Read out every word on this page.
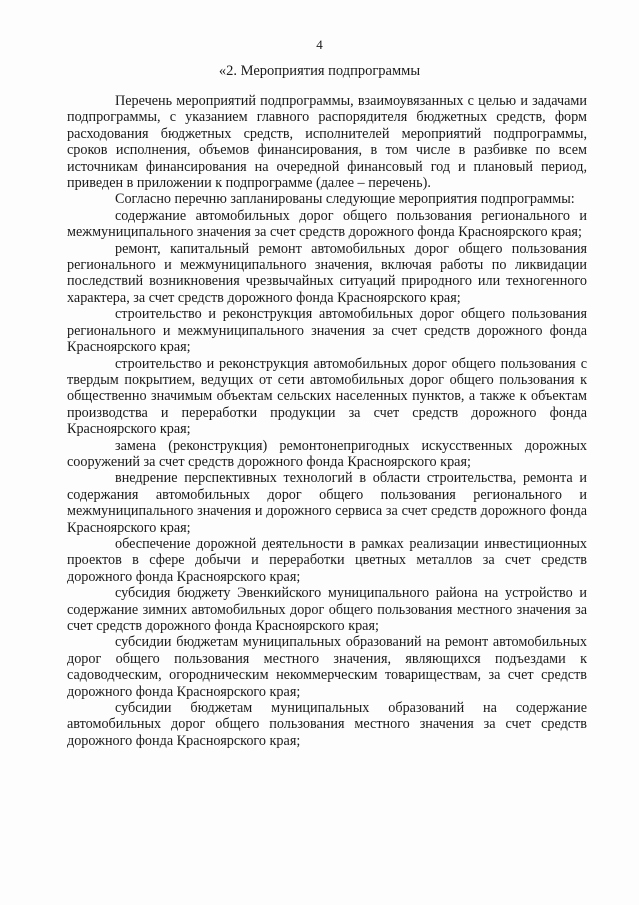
4
«2. Мероприятия подпрограммы

Перечень мероприятий подпрограммы, взаимоувязанных с целью и задачами подпрограммы, с указанием главного распорядителя бюджетных средств, форм расходования бюджетных средств, исполнителей мероприятий подпрограммы, сроков исполнения, объемов финансирования, в том числе в разбивке по всем источникам финансирования на очередной финансовый год и плановый период, приведен в приложении к подпрограмме (далее – перечень).

Согласно перечню запланированы следующие мероприятия подпрограммы:

содержание автомобильных дорог общего пользования регионального и межмуниципального значения за счет средств дорожного фонда Красноярского края;

ремонт, капитальный ремонт автомобильных дорог общего пользования регионального и межмуниципального значения, включая работы по ликвидации последствий возникновения чрезвычайных ситуаций природного или техногенного характера, за счет средств дорожного фонда Красноярского края;

строительство и реконструкция автомобильных дорог общего пользования регионального и межмуниципального значения за счет средств дорожного фонда Красноярского края;

строительство и реконструкция автомобильных дорог общего пользования с твердым покрытием, ведущих от сети автомобильных дорог общего пользования к общественно значимым объектам сельских населенных пунктов, а также к объектам производства и переработки продукции за счет средств дорожного фонда Красноярского края;

замена (реконструкция) ремонтонепригодных искусственных дорожных сооружений за счет средств дорожного фонда Красноярского края;

внедрение перспективных технологий в области строительства, ремонта и содержания автомобильных дорог общего пользования регионального и межмуниципального значения и дорожного сервиса за счет средств дорожного фонда Красноярского края;

обеспечение дорожной деятельности в рамках реализации инвестиционных проектов в сфере добычи и переработки цветных металлов за счет средств дорожного фонда Красноярского края;

субсидия бюджету Эвенкийского муниципального района на устройство и содержание зимних автомобильных дорог общего пользования местного значения за счет средств дорожного фонда Красноярского края;

субсидии бюджетам муниципальных образований на ремонт автомобильных дорог общего пользования местного значения, являющихся подъездами к садоводческим, огородническим некоммерческим товариществам, за счет средств дорожного фонда Красноярского края;

субсидии бюджетам муниципальных образований на содержание автомобильных дорог общего пользования местного значения за счет средств дорожного фонда Красноярского края;
